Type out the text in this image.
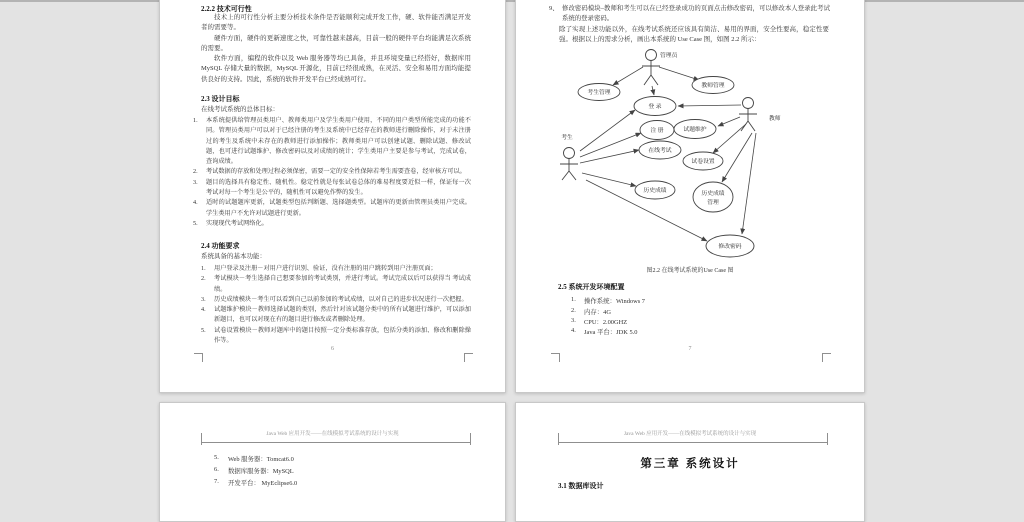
2.2.2 技术可行性
技术上的可行性分析主要分析技术条件是否能顺利完成开发工作，硬、软件能否满足开发者的需要等。
硬件方面，硬件的更新速度之快，可靠性越来越高，目前一般的硬件平台均能满足次系统的需要。
软件方面，编程的软件以及 Web 服务器等均已具备，并且环境变量已经搭好，数据库用 MySQL 存储大量的数据，MySQL 开源化，目前已经很成熟，在灵活、安全和易用方面均能提供良好的支持。因此，系统的软件开发平台已经成熟可行。
2.3 设计目标
在线考试系统的总体目标：
1.	本系统提供给管理员类用户、教师类用户及学生类用户使用，不同的用户类型所能完成的功能不同。管理员类用户可以对于已经注册的考生及系统中已经存在的教师进行删除操作，对于未注册过的考生及系统中未存在的教师进行添加操作；教师类用户可以创建试题、删除试题、修改试题，也可进行试题维护、修改密码以及对成绩的统计；学生类用户主要是参与考试，完成试卷，查询成绩。
2.	考试数据的存放和处理过程必须保密，需要一定的安全性保障若考生需要查卷，经审核方可以。
3.	题目的选择具有稳定性、随机性。稳定性就是每张试卷总体的难易程度要近似一样，保证每一次考试对每一个考生是公平的，随机性可以避免作弊的发生。
4.	适时的试题题库更新，试题类型包括判断题、选择题类型。试题库的更新由管理员类用户完成。学生类用户不允许对试题进行更新。
5.	实现现代考试网络化。
2.4 功能要求
系统具备的基本功能：
1.	用户登录及注册－对用户进行识别、验证，没有注册的用户跳转到用户注册页面；
2.	考试模块－考生选择自己想要参加的考试类别，并进行考试。考试完成以后可以获得当 考试成绩。
3.	历史成绩模块－考生可以看到自己以前参加的考试成绩，以对自己的进步状况进行一次把握。
4.	试题维护模块－教师选择试题的类别，然后针对该试题分类中的所有试题进行维护，可以添加新题目，也可以对现在有的题目进行修改或者删除处理。
5.	试卷设置模块－教师对题库中的题目按照一定分类标准存放，包括分类的添加、修改和删除操作等。
6
9、 修改密码模块–教师和考生可以在已经登录成功的页面点击修改密码，可以修改本人登录此考试系统的登录密码。
除了实现上述功能以外，在线考试系统还应该具有简洁、易用的界面，安全性要高，稳定性要强。根据以上的需求分析，画出本系统的 Use Case 图，如图 2.2 所示：
管理员
考生
教师
考生管理
教师管理
登 录
注 册	试题维护
在线考试
试卷设置
历史成绩	历史成绩
管理
修改密码
图2.2 在线考试系统的Use Case 图
2.5 系统开发环境配置
1. 操作系统：Windows 7
2. 内存：4G
3. CPU：2.00GHZ
4. Java 平台：JDK 5.0
7
Java Web 应用开发——在线模拟考试系统的设计与实现
5. Web 服务器：Tomcat6.0
6. 数据库服务器：MySQL
7. 开发平台： MyEclipse6.0
Java Web 应用开发——在线模拟考试系统的设计与实现
第三章 系统设计
3.1 数据库设计
